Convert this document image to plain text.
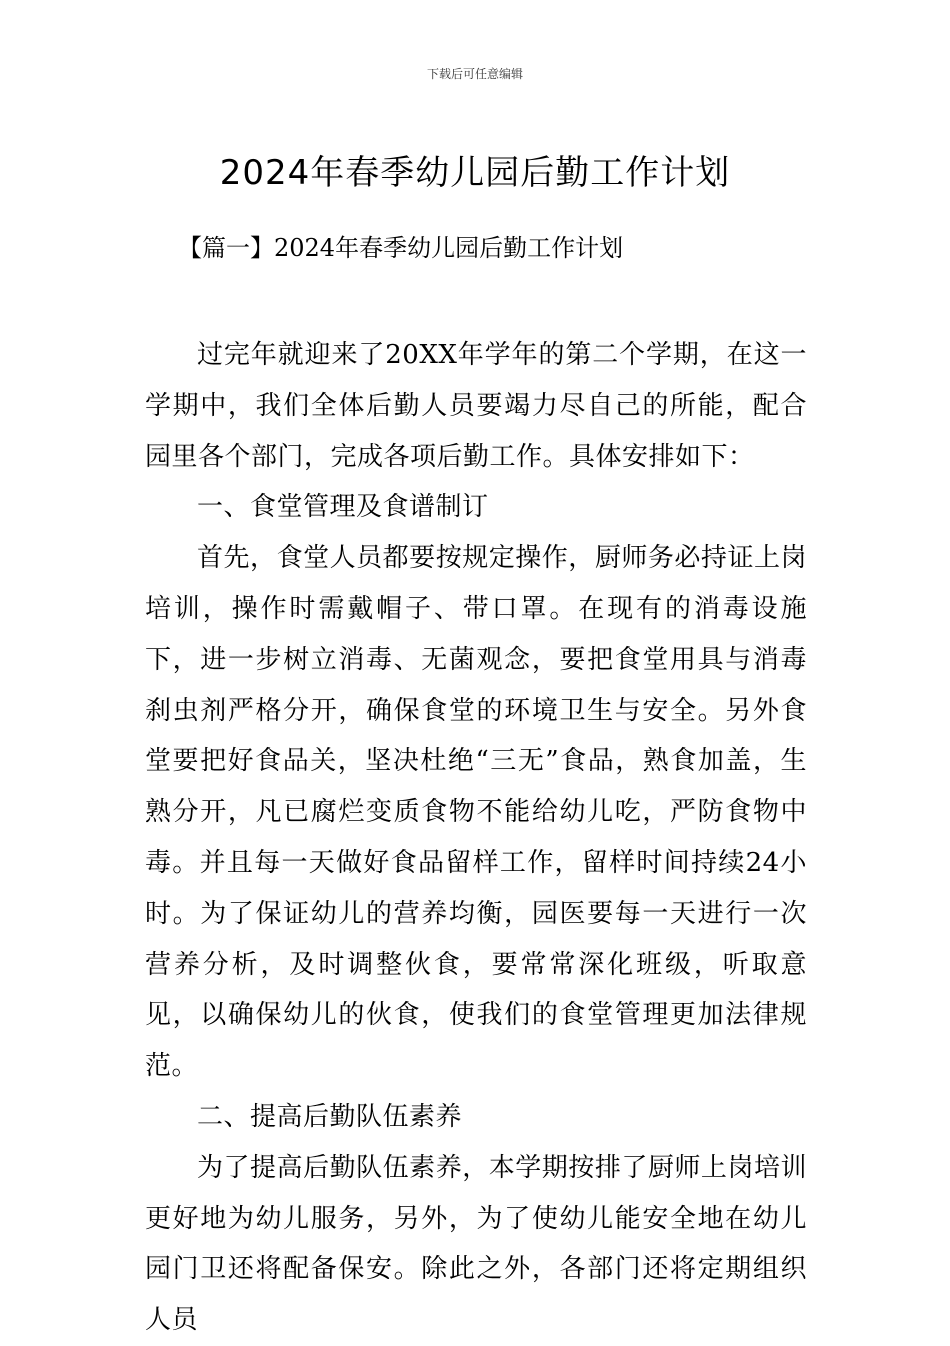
下载后可任意编辑
2024年春季幼儿园后勤工作计划
【篇一】2024年春季幼儿园后勤工作计划

过完年就迎来了20XX年学年的第二个学期，在这一学期中，我们全体后勤人员要竭力尽自己的所能，配合园里各个部门，完成各项后勤工作。具体安排如下：

一、食堂管理及食谱制订

首先，食堂人员都要按规定操作，厨师务必持证上岗培训，操作时需戴帽子、带口罩。在现有的消毒设施下，进一步树立消毒、无菌观念，要把食堂用具与消毒刹虫剂严格分开，确保食堂的环境卫生与安全。另外食堂要把好食品关，坚决杜绝“三无”食品，熟食加盖，生熟分开，凡已腐烂变质食物不能给幼儿吃，严防食物中毒。并且每一天做好食品留样工作，留样时间持续24小时。为了保证幼儿的营养均衡，园医要每一天进行一次营养分析，及时调整伙食，要常常深化班级，听取意见，以确保幼儿的伙食，使我们的食堂管理更加法律规范。

二、提高后勤队伍素养

为了提高后勤队伍素养，本学期按排了厨师上岗培训更好地为幼儿服务，另外，为了使幼儿能安全地在幼儿园门卫还将配备保安。除此之外，各部门还将定期组织人员
